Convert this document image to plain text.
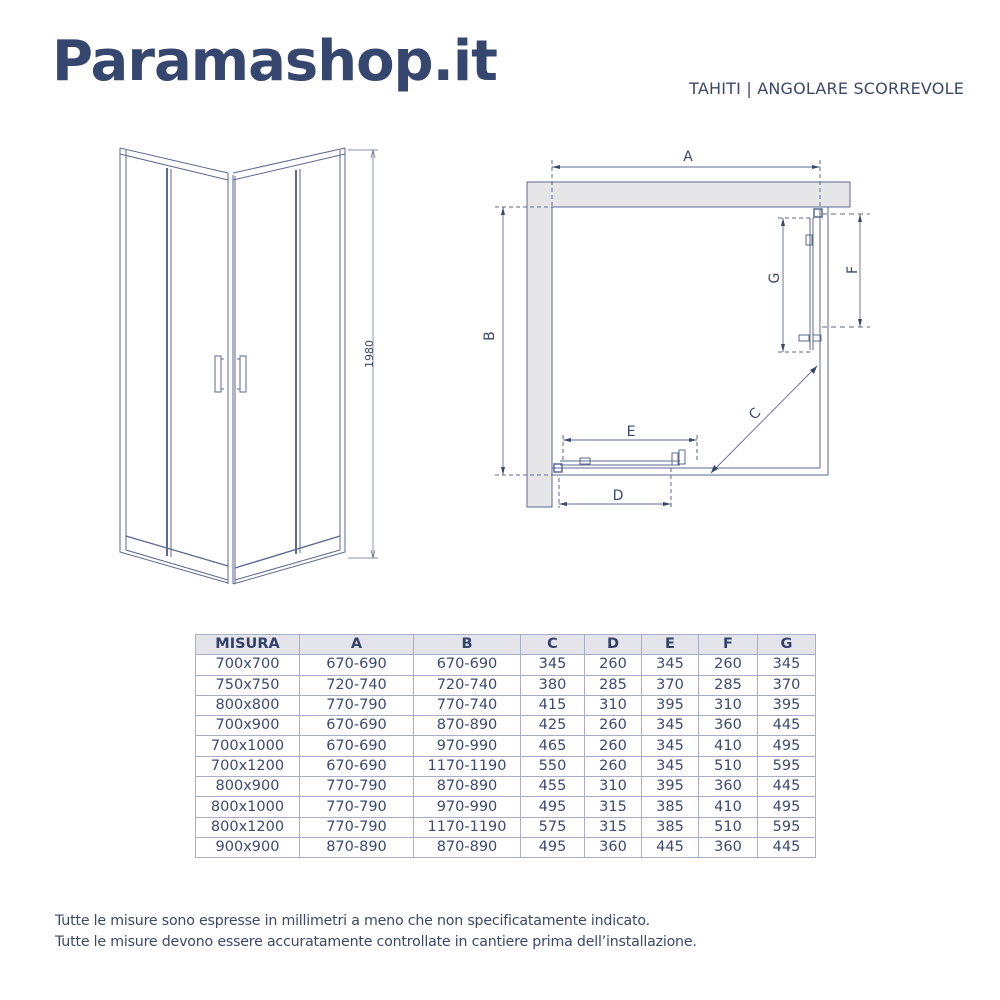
Paramashop.it	TAHITI | ANGOLARE SCORREVOLE
1980
A
B
C
D
E
F
G
MISURA	A	B	C	D	E	F	G
700x700	670-690	670-690	345	260	345	260	345
750x750	720-740	720-740	380	285	370	285	370
800x800	770-790	770-740	415	310	395	310	395
700x900	670-690	870-890	425	260	345	360	445
700x1000	670-690	970-990	465	260	345	410	495
700x1200	670-690	1170-1190	550	260	345	510	595
800x900	770-790	870-890	455	310	395	360	445
800x1000	770-790	970-990	495	315	385	410	495
800x1200	770-790	1170-1190	575	315	385	510	595
900x900	870-890	870-890	495	360	445	360	445
Tutte le misure sono espresse in millimetri a meno che non specificatamente indicato.
Tutte le misure devono essere accuratamente controllate in cantiere prima dell’installazione.
